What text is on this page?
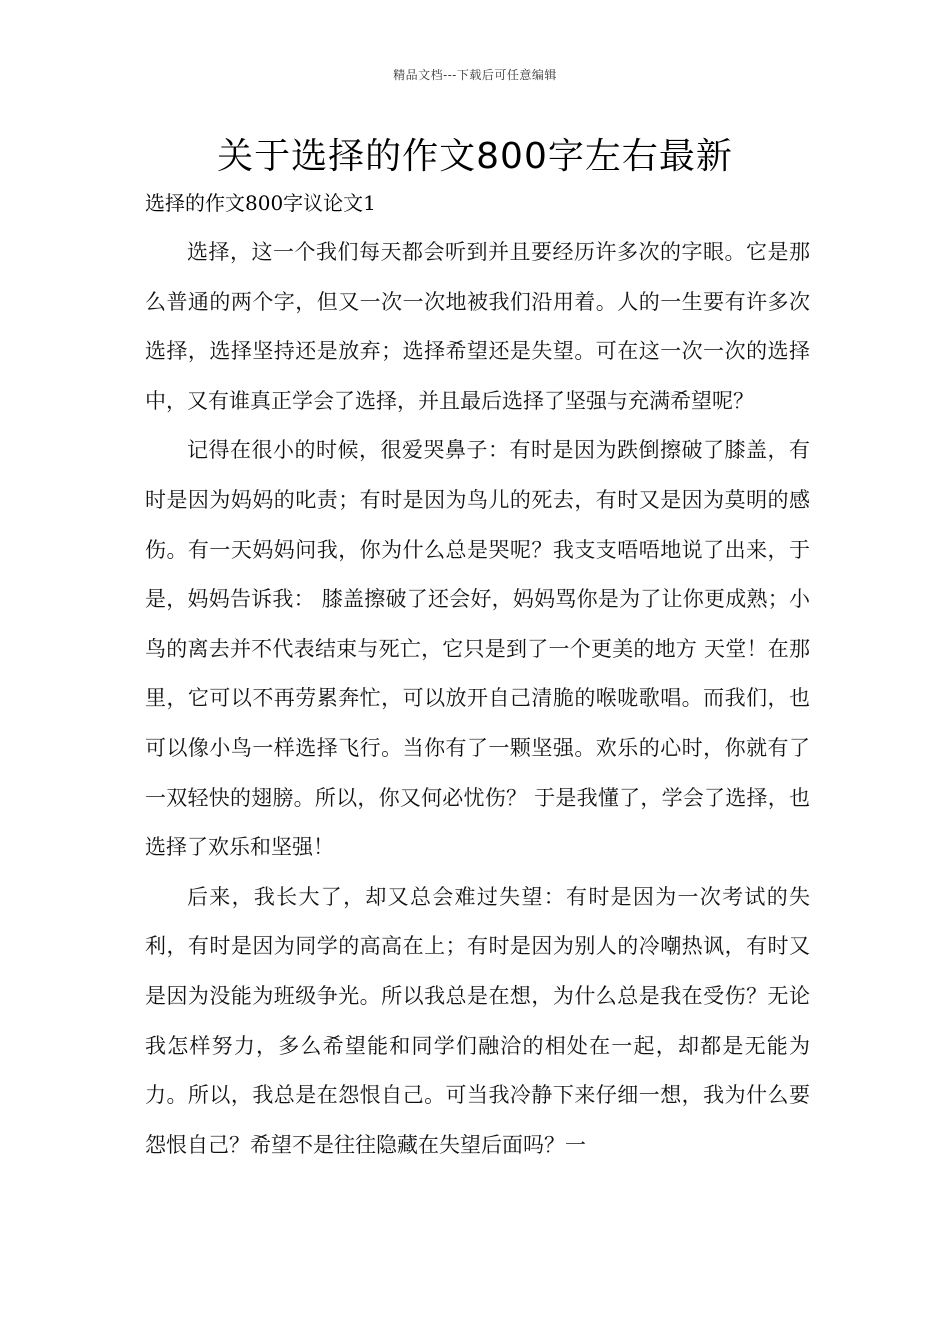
精品文档---下载后可任意编辑
关于选择的作文800字左右最新
选择的作文800字议论文1

选择，这一个我们每天都会听到并且要经历许多次的字眼。它是那么普通的两个字，但又一次一次地被我们沿用着。人的一生要有许多次选择，选择坚持还是放弃；选择希望还是失望。可在这一次一次的选择中，又有谁真正学会了选择，并且最后选择了坚强与充满希望呢？

记得在很小的时候，很爱哭鼻子：有时是因为跌倒擦破了膝盖，有时是因为妈妈的叱责；有时是因为鸟儿的死去，有时又是因为莫明的感伤。有一天妈妈问我，你为什么总是哭呢？我支支唔唔地说了出来，于是，妈妈告诉我： 膝盖擦破了还会好，妈妈骂你是为了让你更成熟；小鸟的离去并不代表结束与死亡，它只是到了一个更美的地方 天堂！在那里，它可以不再劳累奔忙，可以放开自己清脆的喉咙歌唱。而我们，也可以像小鸟一样选择飞行。当你有了一颗坚强。欢乐的心时，你就有了一双轻快的翅膀。所以，你又何必忧伤？ 于是我懂了，学会了选择，也选择了欢乐和坚强！

后来，我长大了，却又总会难过失望：有时是因为一次考试的失利，有时是因为同学的高高在上；有时是因为别人的冷嘲热讽，有时又是因为没能为班级争光。所以我总是在想，为什么总是我在受伤？无论我怎样努力，多么希望能和同学们融洽的相处在一起，却都是无能为力。所以，我总是在怨恨自己。可当我冷静下来仔细一想，我为什么要怨恨自己？希望不是往往隐藏在失望后面吗？一
